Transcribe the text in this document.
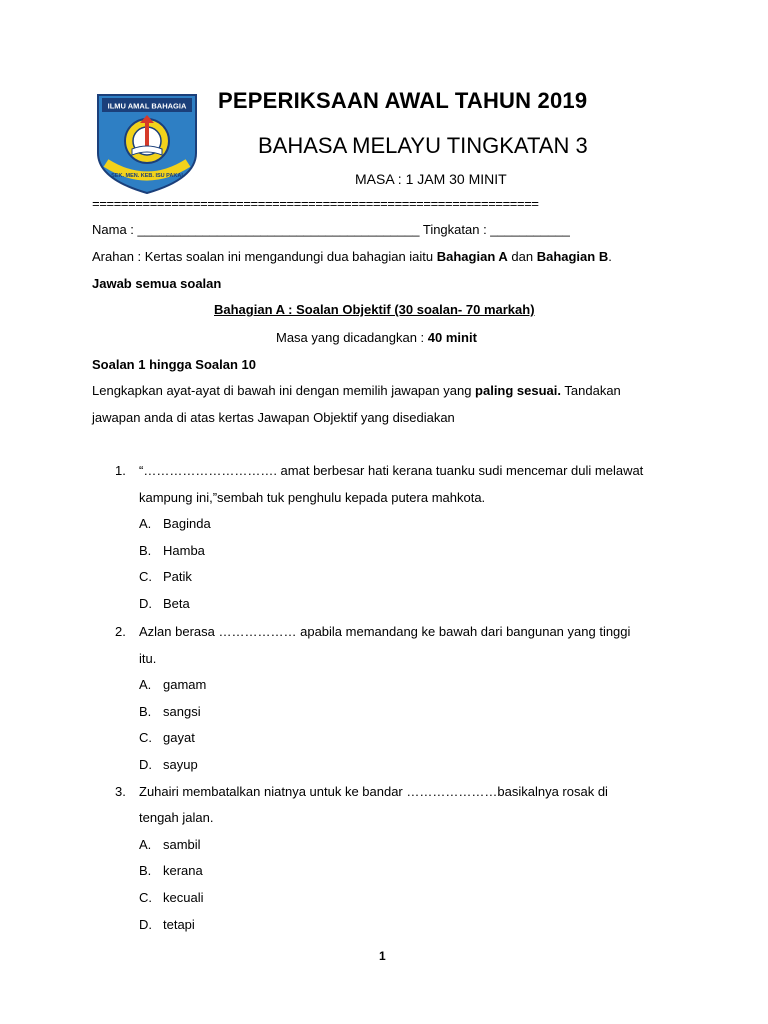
ILMU AMAL BAHAGIA
SEK. MEN. KEB. ISU PAKAI
PEPERIKSAAN AWAL TAHUN 2019
BAHASA MELAYU TINGKATAN 3
MASA : 1 JAM 30 MINIT
==============================================================
Nama : _______________________________________ Tingkatan : ___________
Arahan : Kertas soalan ini mengandungi dua bahagian iaitu Bahagian A dan Bahagian B.
Jawab semua soalan
Bahagian A : Soalan Objektif (30 soalan- 70 markah)
Masa yang dicadangkan : 40 minit
Soalan 1 hingga Soalan 10
Lengkapkan ayat-ayat di bawah ini dengan memilih jawapan yang paling sesuai. Tandakan
jawapan anda di atas kertas Jawapan Objektif yang disediakan
1. “…………………………. amat berbesar hati kerana tuanku sudi mencemar duli melawat
kampung ini,”sembah tuk penghulu kepada putera mahkota.
A. Baginda
B. Hamba
C. Patik
D. Beta
2. Azlan berasa ……………… apabila memandang ke bawah dari bangunan yang tinggi
itu.
A. gamam
B. sangsi
C. gayat
D. sayup
3. Zuhairi membatalkan niatnya untuk ke bandar …………………basikalnya rosak di
tengah jalan.
A. sambil
B. kerana
C. kecuali
D. tetapi
1
